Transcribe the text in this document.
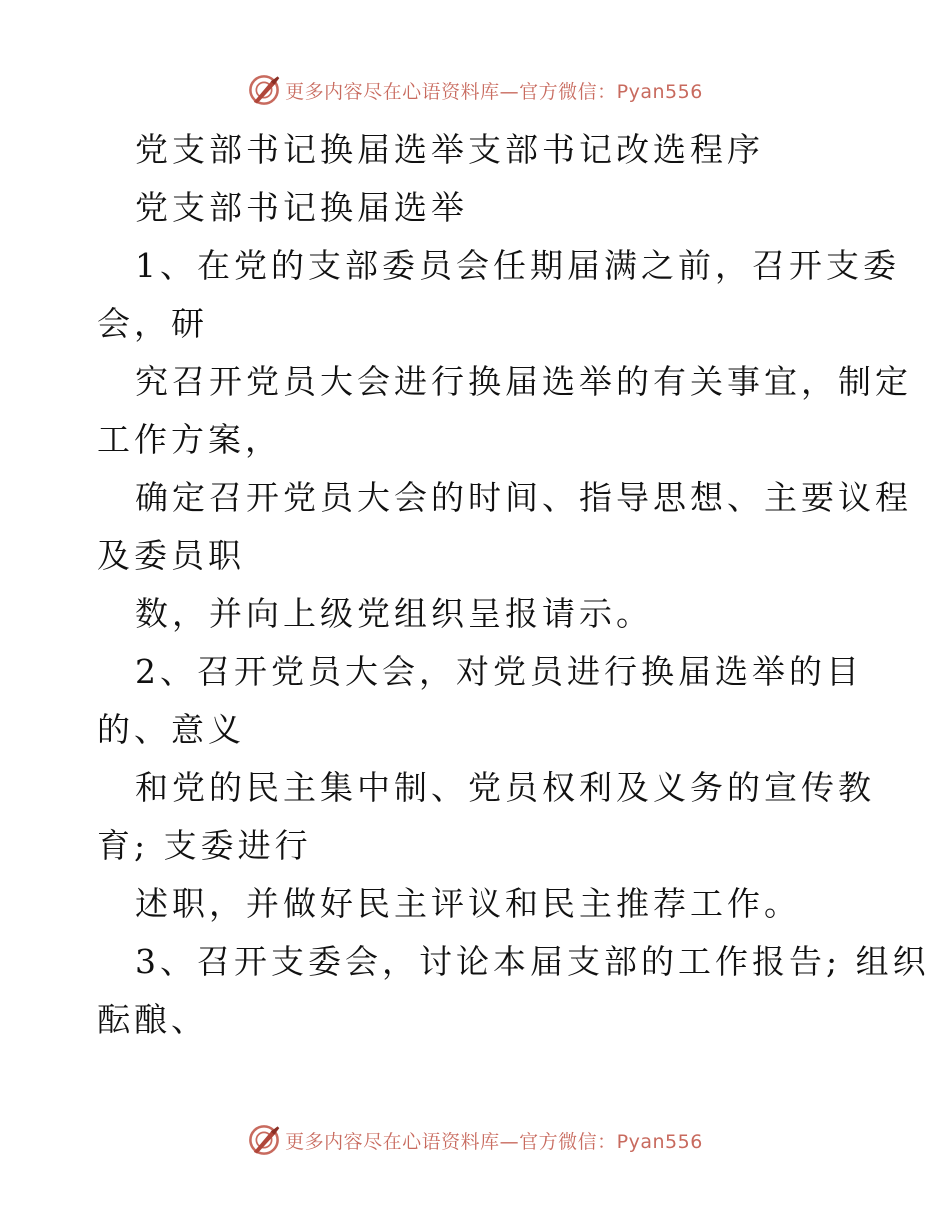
更多内容尽在心语资料库—官方微信：Pyan556
党支部书记换届选举支部书记改选程序
党支部书记换届选举
1、在党的支部委员会任期届满之前，召开支委
会，研
究召开党员大会进行换届选举的有关事宜，制定
工作方案，
确定召开党员大会的时间、指导思想、主要议程
及委员职
数，并向上级党组织呈报请示。
2、召开党员大会，对党员进行换届选举的目
的、意义
和党的民主集中制、党员权利及义务的宣传教
育; 支委进行
述职，并做好民主评议和民主推荐工作。
3、召开支委会，讨论本届支部的工作报告; 组织
酝酿、
更多内容尽在心语资料库—官方微信：Pyan556
